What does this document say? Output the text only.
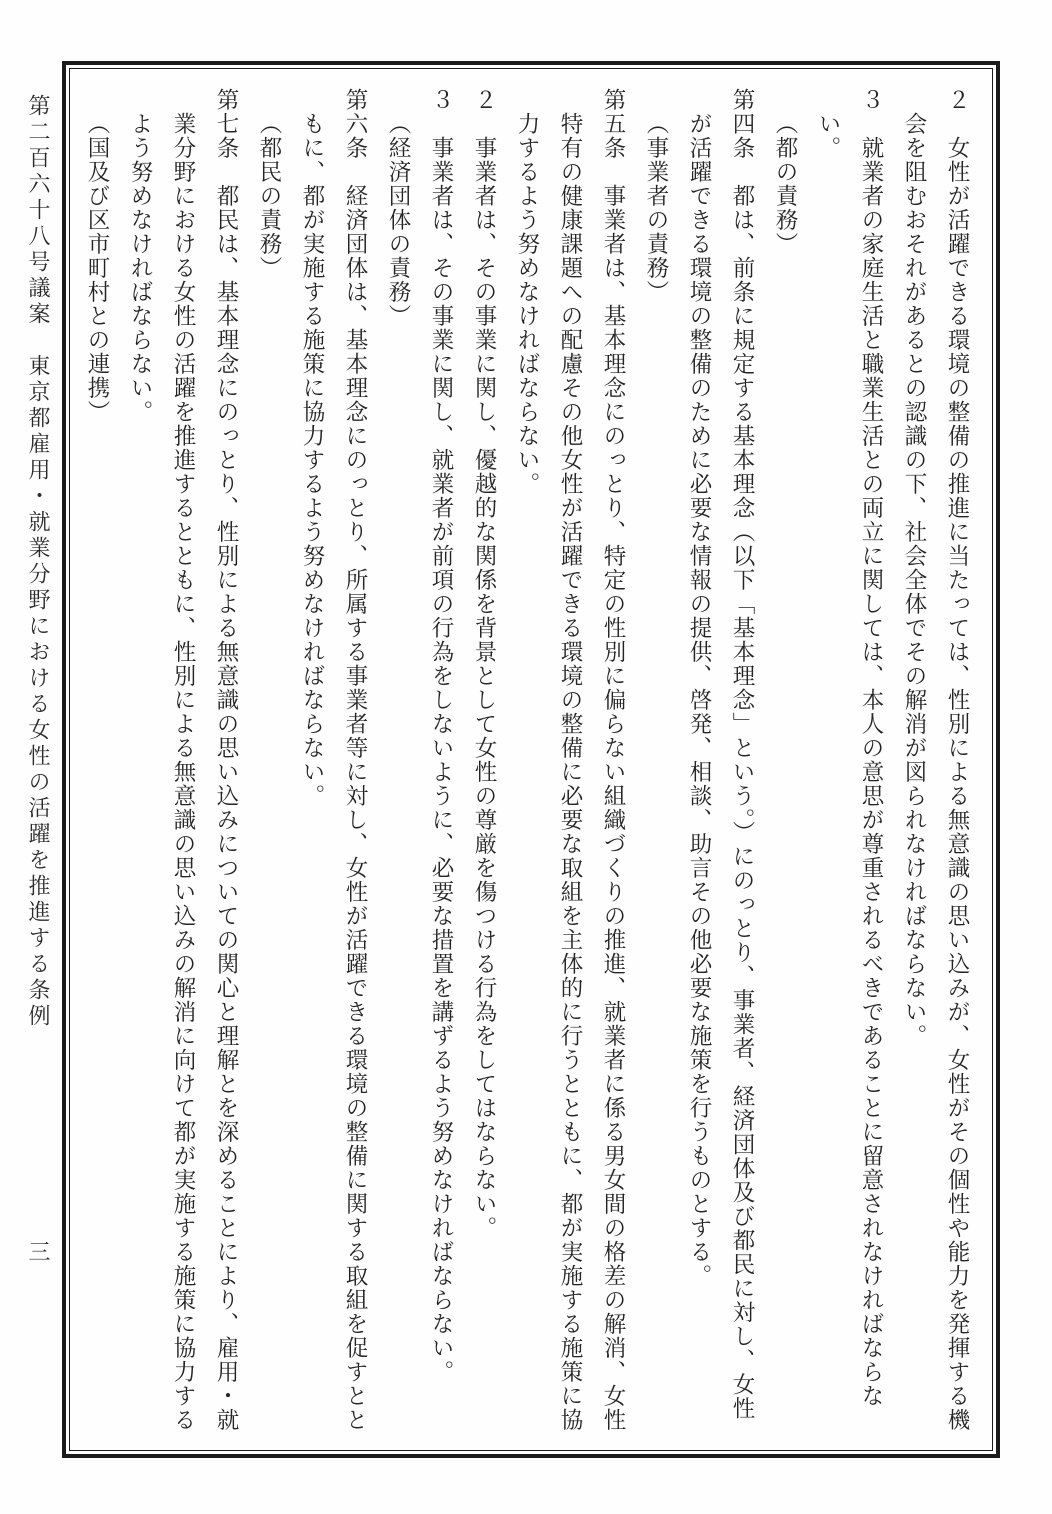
第二百六十八号議案　東京都雇用・就業分野における女性の活躍を推進する条例
三	２　女性が活躍できる環境の整備の推進に当たっては、性別による無意識の思い込みが、女性がその個性や能力を発揮する機
会を阻むおそれがあるとの認識の下、社会全体でその解消が図られなければならない。
３　就業者の家庭生活と職業生活との両立に関しては、本人の意思が尊重されるべきであることに留意されなければならな
い。
（都の責務）
第四条　都は、前条に規定する基本理念（以下「基本理念」という。）にのっとり、事業者、経済団体及び都民に対し、女性
が活躍できる環境の整備のために必要な情報の提供、啓発、相談、助言その他必要な施策を行うものとする。
（事業者の責務）
第五条　事業者は、基本理念にのっとり、特定の性別に偏らない組織づくりの推進、就業者に係る男女間の格差の解消、女性
特有の健康課題への配慮その他女性が活躍できる環境の整備に必要な取組を主体的に行うとともに、都が実施する施策に協
力するよう努めなければならない。
２　事業者は、その事業に関し、優越的な関係を背景として女性の尊厳を傷つける行為をしてはならない。
３　事業者は、その事業に関し、就業者が前項の行為をしないように、必要な措置を講ずるよう努めなければならない。
（経済団体の責務）
第六条　経済団体は、基本理念にのっとり、所属する事業者等に対し、女性が活躍できる環境の整備に関する取組を促すとと
もに、都が実施する施策に協力するよう努めなければならない。
（都民の責務）
第七条　都民は、基本理念にのっとり、性別による無意識の思い込みについての関心と理解とを深めることにより、雇用・就
業分野における女性の活躍を推進するとともに、性別による無意識の思い込みの解消に向けて都が実施する施策に協力する
よう努めなければならない。
（国及び区市町村との連携）
